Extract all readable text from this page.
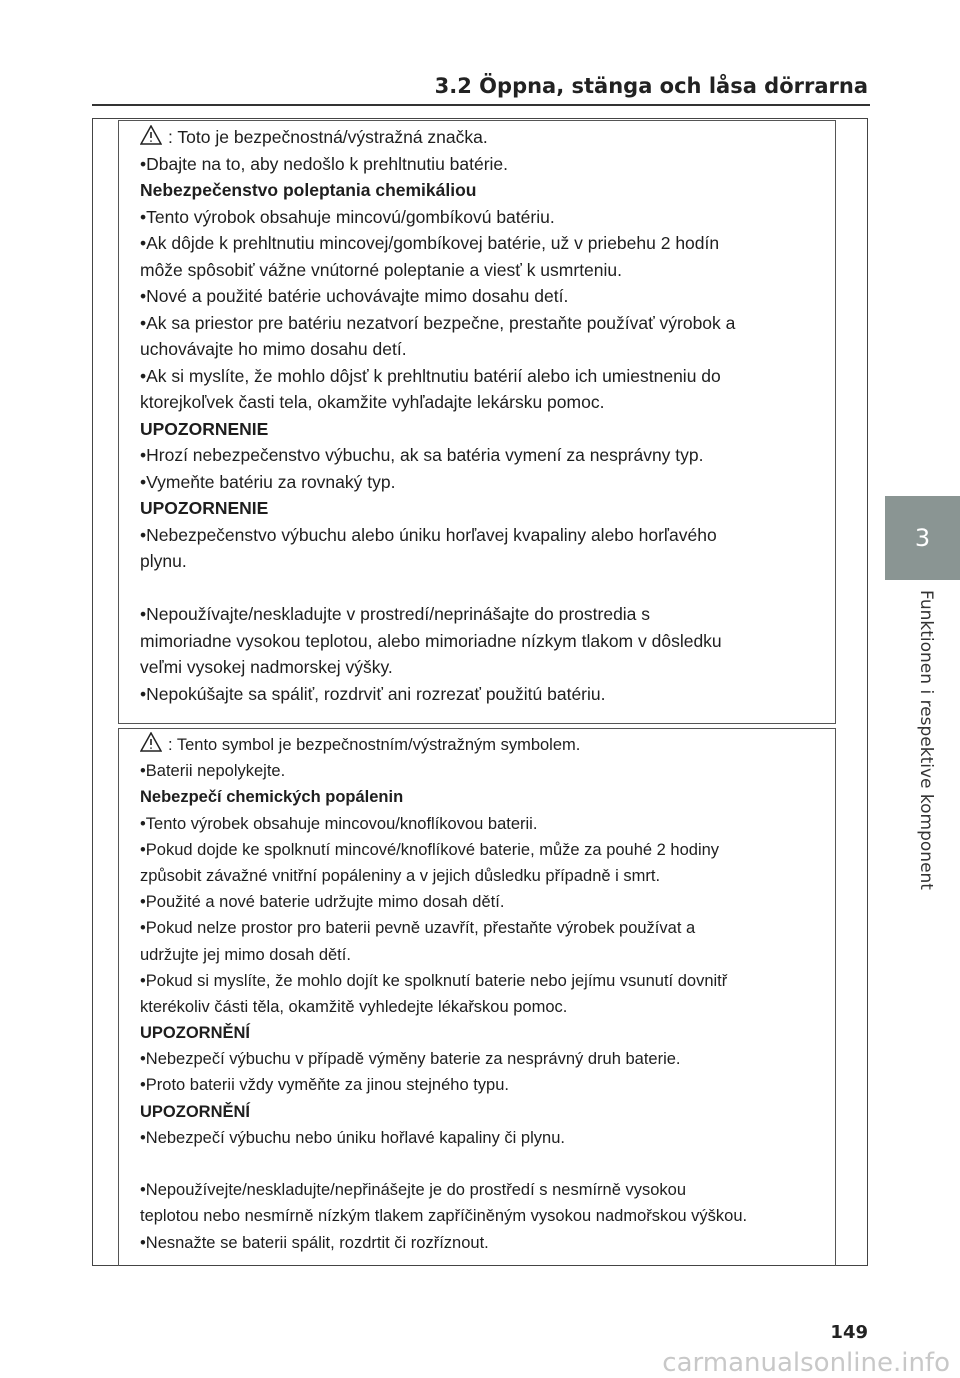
3.2 Öppna, stänga och låsa dörrarna

: Toto je bezpečnostná/výstražná značka.

•Dbajte na to, aby nedošlo k prehltnutiu batérie.

Nebezpečenstvo poleptania chemikáliou

•Tento výrobok obsahuje mincovú/gombíkovú batériu.

•Ak dôjde k prehltnutiu mincovej/gombíkovej batérie, už v priebehu 2 hodín

môže spôsobiť vážne vnútorné poleptanie a viesť k usmrteniu.

•Nové a použité batérie uchovávajte mimo dosahu detí.

•Ak sa priestor pre batériu nezatvorí bezpečne, prestaňte používať výrobok a

uchovávajte ho mimo dosahu detí.

•Ak si myslíte, že mohlo dôjsť k prehltnutiu batérií alebo ich umiestneniu do

ktorejkoľvek časti tela, okamžite vyhľadajte lekársku pomoc.

UPOZORNENIE

•Hrozí nebezpečenstvo výbuchu, ak sa batéria vymení za nesprávny typ.

•Vymeňte batériu za rovnaký typ.

UPOZORNENIE

•Nebezpečenstvo výbuchu alebo úniku horľavej kvapaliny alebo horľavého

plynu.

•Nepoužívajte/neskladujte v prostredí/neprinášajte do prostredia s

mimoriadne vysokou teplotou, alebo mimoriadne nízkym tlakom v dôsledku

veľmi vysokej nadmorskej výšky.

•Nepokúšajte sa spáliť, rozdrviť ani rozrezať použitú batériu.

: Tento symbol je bezpečnostním/výstražným symbolem.

•Baterii nepolykejte.

Nebezpečí chemických popálenin

•Tento výrobek obsahuje mincovou/knoflíkovou baterii.

•Pokud dojde ke spolknutí mincové/knoflíkové baterie, může za pouhé 2 hodiny

způsobit závažné vnitřní popáleniny a v jejich důsledku případně i smrt.

•Použité a nové baterie udržujte mimo dosah dětí.

•Pokud nelze prostor pro baterii pevně uzavřít, přestaňte výrobek používat a

udržujte jej mimo dosah dětí.

•Pokud si myslíte, že mohlo dojít ke spolknutí baterie nebo jejímu vsunutí dovnitř

kterékoliv části těla, okamžitě vyhledejte lékařskou pomoc.

UPOZORNĚNÍ

•Nebezpečí výbuchu v případě výměny baterie za nesprávný druh baterie.

•Proto baterii vždy vyměňte za jinou stejného typu.

UPOZORNĚNÍ

•Nebezpečí výbuchu nebo úniku hořlavé kapaliny či plynu.

•Nepoužívejte/neskladujte/nepřinášejte je do prostředí s nesmírně vysokou

teplotou nebo nesmírně nízkým tlakem zapříčiněným vysokou nadmořskou výškou.

•Nesnažte se baterii spálit, rozdrtit či rozříznout.

3
Funktionen i respektive komponent
149
carmanualsonline.info
